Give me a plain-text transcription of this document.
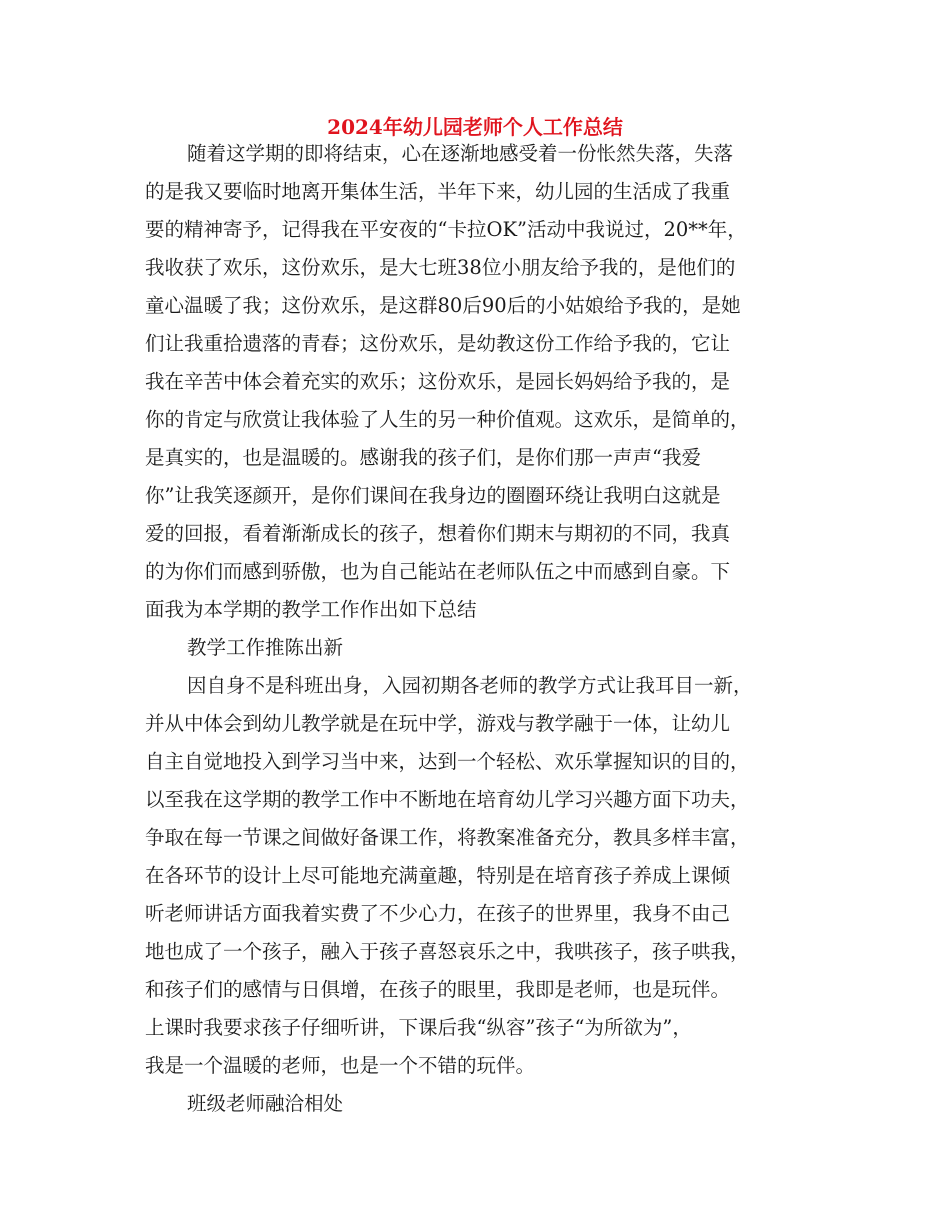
2024年幼儿园老师个人工作总结

随着这学期的即将结束，心在逐渐地感受着一份怅然失落，失落

的是我又要临时地离开集体生活，半年下来，幼儿园的生活成了我重

要的精神寄予，记得我在平安夜的“卡拉OK”活动中我说过，20**年，

我收获了欢乐，这份欢乐，是大七班38位小朋友给予我的，是他们的

童心温暖了我；这份欢乐，是这群80后90后的小姑娘给予我的，是她

们让我重拾遗落的青春；这份欢乐，是幼教这份工作给予我的，它让

我在辛苦中体会着充实的欢乐；这份欢乐，是园长妈妈给予我的，是

你的肯定与欣赏让我体验了人生的另一种价值观。这欢乐，是简单的，

是真实的，也是温暖的。感谢我的孩子们，是你们那一声声“我爱

你”让我笑逐颜开，是你们课间在我身边的圈圈环绕让我明白这就是

爱的回报，看着渐渐成长的孩子，想着你们期末与期初的不同，我真

的为你们而感到骄傲，也为自己能站在老师队伍之中而感到自豪。下

面我为本学期的教学工作作出如下总结

教学工作推陈出新

因自身不是科班出身，入园初期各老师的教学方式让我耳目一新，

并从中体会到幼儿教学就是在玩中学，游戏与教学融于一体，让幼儿

自主自觉地投入到学习当中来，达到一个轻松、欢乐掌握知识的目的，

以至我在这学期的教学工作中不断地在培育幼儿学习兴趣方面下功夫，

争取在每一节课之间做好备课工作，将教案准备充分，教具多样丰富，

在各环节的设计上尽可能地充满童趣，特别是在培育孩子养成上课倾

听老师讲话方面我着实费了不少心力，在孩子的世界里，我身不由己

地也成了一个孩子，融入于孩子喜怒哀乐之中，我哄孩子，孩子哄我，

和孩子们的感情与日俱增，在孩子的眼里，我即是老师，也是玩伴。

上课时我要求孩子仔细听讲，下课后我“纵容”孩子“为所欲为”，

我是一个温暖的老师，也是一个不错的玩伴。

班级老师融洽相处
